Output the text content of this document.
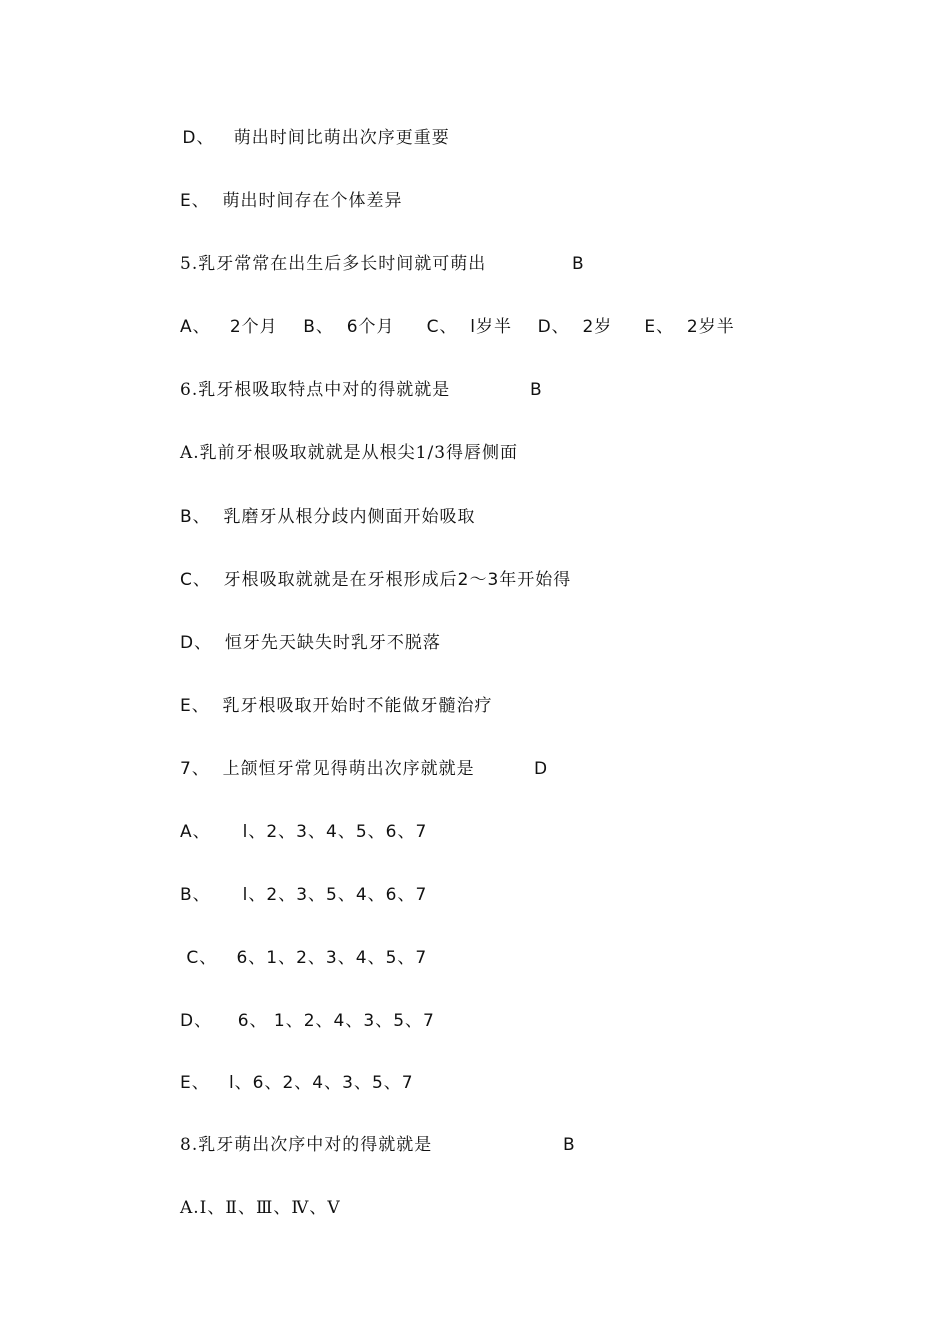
D、   萌出时间比萌出次序更重要
E、  萌出时间存在个体差异
5.乳牙常常在出生后多长时间就可萌出	B
A、   2个月    B、  6个月     C、  l岁半    D、  2岁     E、  2岁半
6.乳牙根吸取特点中对的得就就是	B
A.乳前牙根吸取就就是从根尖1/3得唇侧面
B、  乳磨牙从根分歧内侧面开始吸取
C、  牙根吸取就就是在牙根形成后2～3年开始得
D、  恒牙先天缺失时乳牙不脱落
E、  乳牙根吸取开始时不能做牙髓治疗
7、  上颌恒牙常见得萌出次序就就是	D
A、     l、2、3、4、5、6、7
B、     l、2、3、5、4、6、7
C、   6、1、2、3、4、5、7
D、    6、 1、2、4、3、5、7
E、   l、6、2、4、3、5、7
8.乳牙萌出次序中对的得就就是	B
A.Ⅰ、Ⅱ、Ⅲ、Ⅳ、Ⅴ
